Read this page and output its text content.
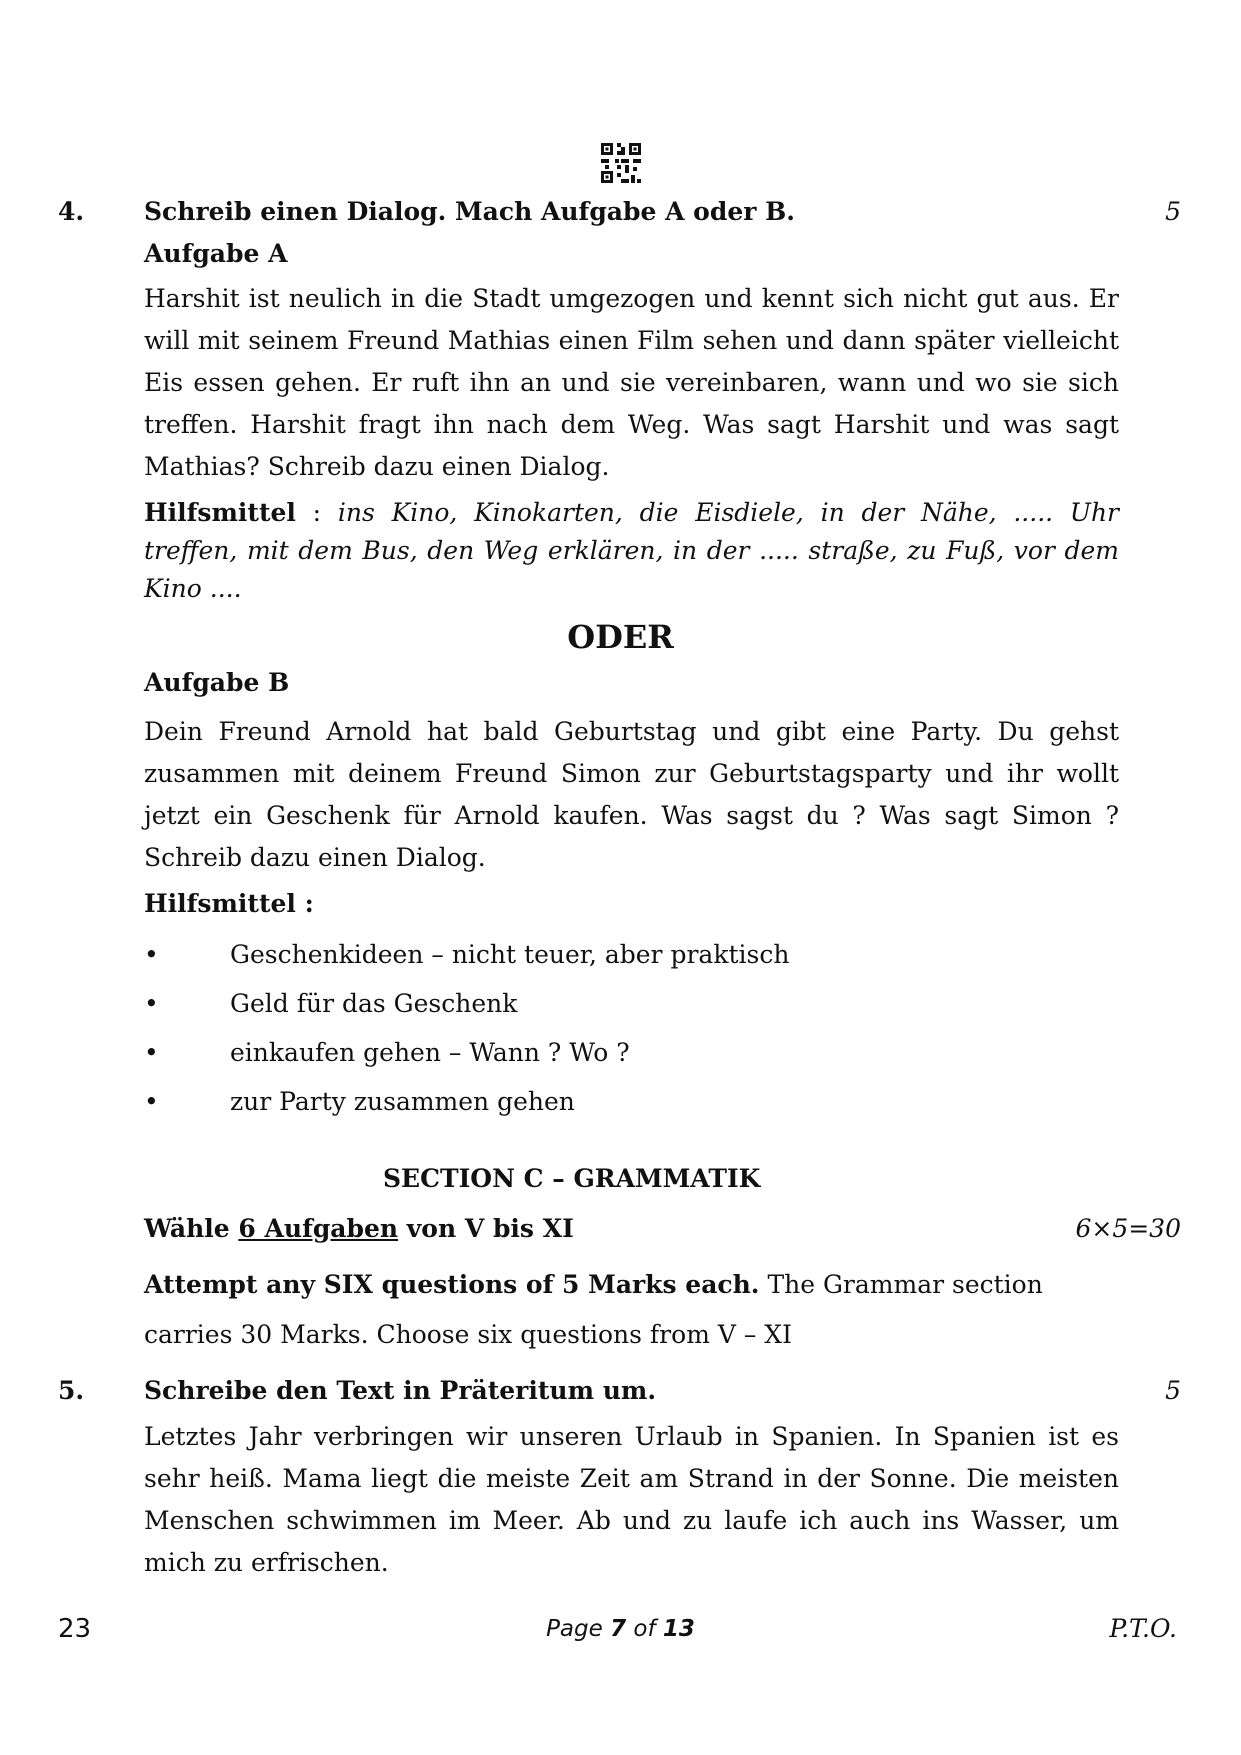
4. Schreib einen Dialog. Mach Aufgabe A oder B.	5
Aufgabe A
Harshit ist neulich in die Stadt umgezogen und kennt sich nicht gut aus. Er will mit seinem Freund Mathias einen Film sehen und dann später vielleicht Eis essen gehen. Er ruft ihn an und sie vereinbaren, wann und wo sie sich treffen. Harshit fragt ihn nach dem Weg. Was sagt Harshit und was sagt Mathias? Schreib dazu einen Dialog.
Hilfsmittel : ins Kino, Kinokarten, die Eisdiele, in der Nähe, ..... Uhr treffen, mit dem Bus, den Weg erklären, in der ..... straße, zu Fuß, vor dem Kino ....
ODER
Aufgabe B
Dein Freund Arnold hat bald Geburtstag und gibt eine Party. Du gehst zusammen mit deinem Freund Simon zur Geburtstagsparty und ihr wollt jetzt ein Geschenk für Arnold kaufen. Was sagst du ? Was sagt Simon ? Schreib dazu einen Dialog.
Hilfsmittel :
•	Geschenkideen – nicht teuer, aber praktisch
•	Geld für das Geschenk
•	einkaufen gehen – Wann ? Wo ?
•	zur Party zusammen gehen
SECTION C – GRAMMATIK
Wähle 6 Aufgaben von V bis XI	6×5=30
Attempt any SIX questions of 5 Marks each. The Grammar section carries 30 Marks. Choose six questions from V – XI
5. Schreibe den Text in Präteritum um.	5
Letztes Jahr verbringen wir unseren Urlaub in Spanien. In Spanien ist es sehr heiß. Mama liegt die meiste Zeit am Strand in der Sonne. Die meisten Menschen schwimmen im Meer. Ab und zu laufe ich auch ins Wasser, um mich zu erfrischen.
23	Page 7 of 13	P.T.O.
